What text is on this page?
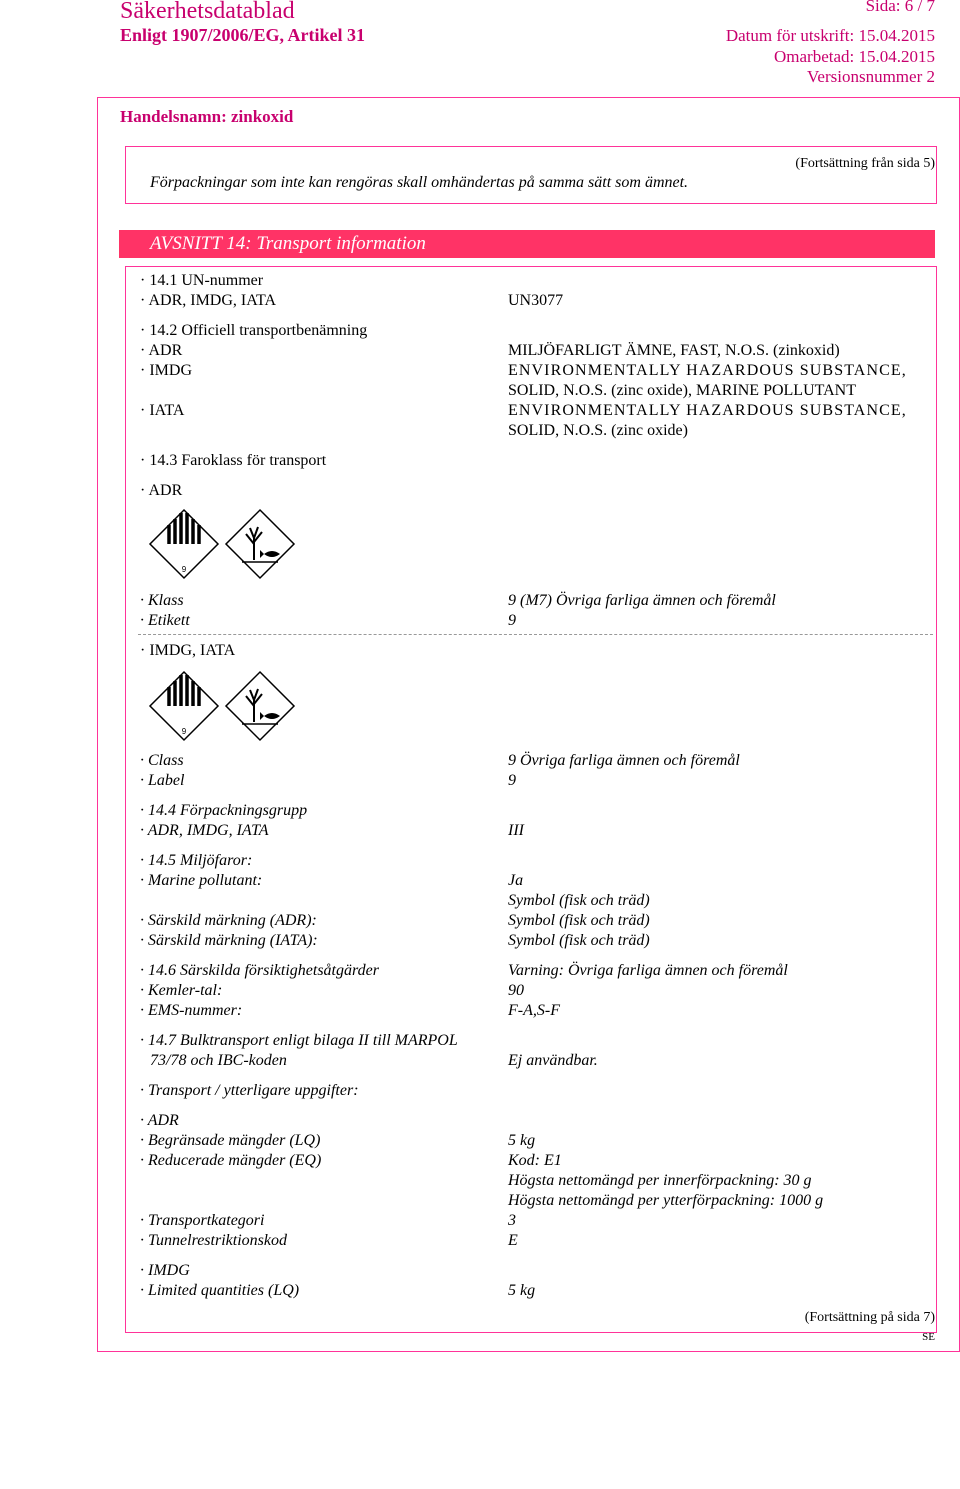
Säkerhetsdatablad	Sida: 6 / 7
Enligt 1907/2006/EG, Artikel 31	Datum för utskrift: 15.04.2015
Omarbetad: 15.04.2015
Versionsnummer 2
Handelsnamn: zinkoxid
(Fortsättning från sida 5)
Förpackningar som inte kan rengöras skall omhändertas på samma sätt som ämnet.
AVSNITT 14: Transport information
· 14.1 UN-nummer
· ADR, IMDG, IATA	UN3077
· 14.2 Officiell transportbenämning
· ADR	MILJÖFARLIGT ÄMNE, FAST, N.O.S. (zinkoxid)
· IMDG	ENVIRONMENTALLY HAZARDOUS SUBSTANCE,
SOLID, N.O.S. (zinc oxide), MARINE POLLUTANT
· IATA	ENVIRONMENTALLY HAZARDOUS SUBSTANCE,
SOLID, N.O.S. (zinc oxide)
· 14.3 Faroklass för transport
· ADR
9
· Klass	9 (M7) Övriga farliga ämnen och föremål
· Etikett	9
· IMDG, IATA
9
· Class	9 Övriga farliga ämnen och föremål
· Label	9
· 14.4 Förpackningsgrupp
· ADR, IMDG, IATA	III
· 14.5 Miljöfaror:
· Marine pollutant:	Ja
Symbol (fisk och träd)
· Särskild märkning (ADR):	Symbol (fisk och träd)
· Särskild märkning (IATA):	Symbol (fisk och träd)
· 14.6 Särskilda försiktighetsåtgärder	Varning: Övriga farliga ämnen och föremål
· Kemler-tal:	90
· EMS-nummer:	F-A,S-F
· 14.7 Bulktransport enligt bilaga II till MARPOL
73/78 och IBC-koden	Ej användbar.
· Transport / ytterligare uppgifter:
· ADR
· Begränsade mängder (LQ)	5 kg
· Reducerade mängder (EQ)	Kod: E1
Högsta nettomängd per innerförpackning: 30 g
Högsta nettomängd per ytterförpackning: 1000 g
· Transportkategori	3
· Tunnelrestriktionskod	E
· IMDG
· Limited quantities (LQ)	5 kg
(Fortsättning på sida 7)
SE
